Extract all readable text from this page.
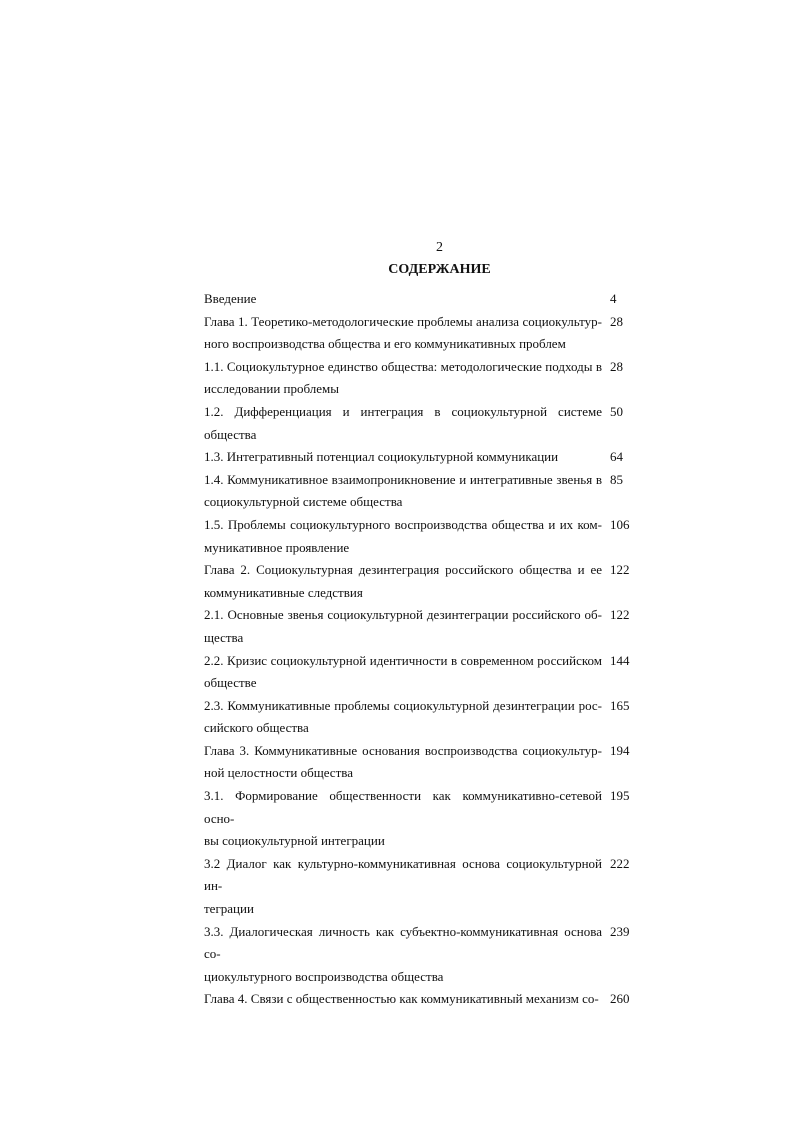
2
СОДЕРЖАНИЕ
Введение	4
Глава 1. Теоретико-методологические проблемы анализа социокультур-
ного воспроизводства общества и его коммуникативных проблем
28
1.1. Социокультурное единство общества: методологические подходы в
исследовании проблемы
28
1.2. Дифференциация и интеграция в социокультурной системе общества
50
1.3. Интегративный потенциал социокультурной коммуникации	64
1.4. Коммуникативное взаимопроникновение и интегративные звенья в
социокультурной системе общества
85
1.5. Проблемы социокультурного воспроизводства общества и их ком-
муникативное проявление
106
Глава 2. Социокультурная дезинтеграция российского общества и ее
коммуникативные следствия
122
2.1. Основные звенья социокультурной дезинтеграции российского об-
щества
122
2.2. Кризис социокультурной идентичности в современном российском
обществе
144
2.3. Коммуникативные проблемы социокультурной дезинтеграции рос-
сийского общества
165
Глава 3. Коммуникативные основания воспроизводства социокультур-
ной целостности общества
194
3.1. Формирование общественности как коммуникативно-сетевой осно-
вы социокультурной интеграции
195
3.2 Диалог как культурно-коммуникативная основа социокультурной ин-
теграции
222
3.3. Диалогическая личность как субъектно-коммуникативная основа со-
циокультурного воспроизводства общества
239
Глава 4. Связи с общественностью как коммуникативный механизм со- 260
